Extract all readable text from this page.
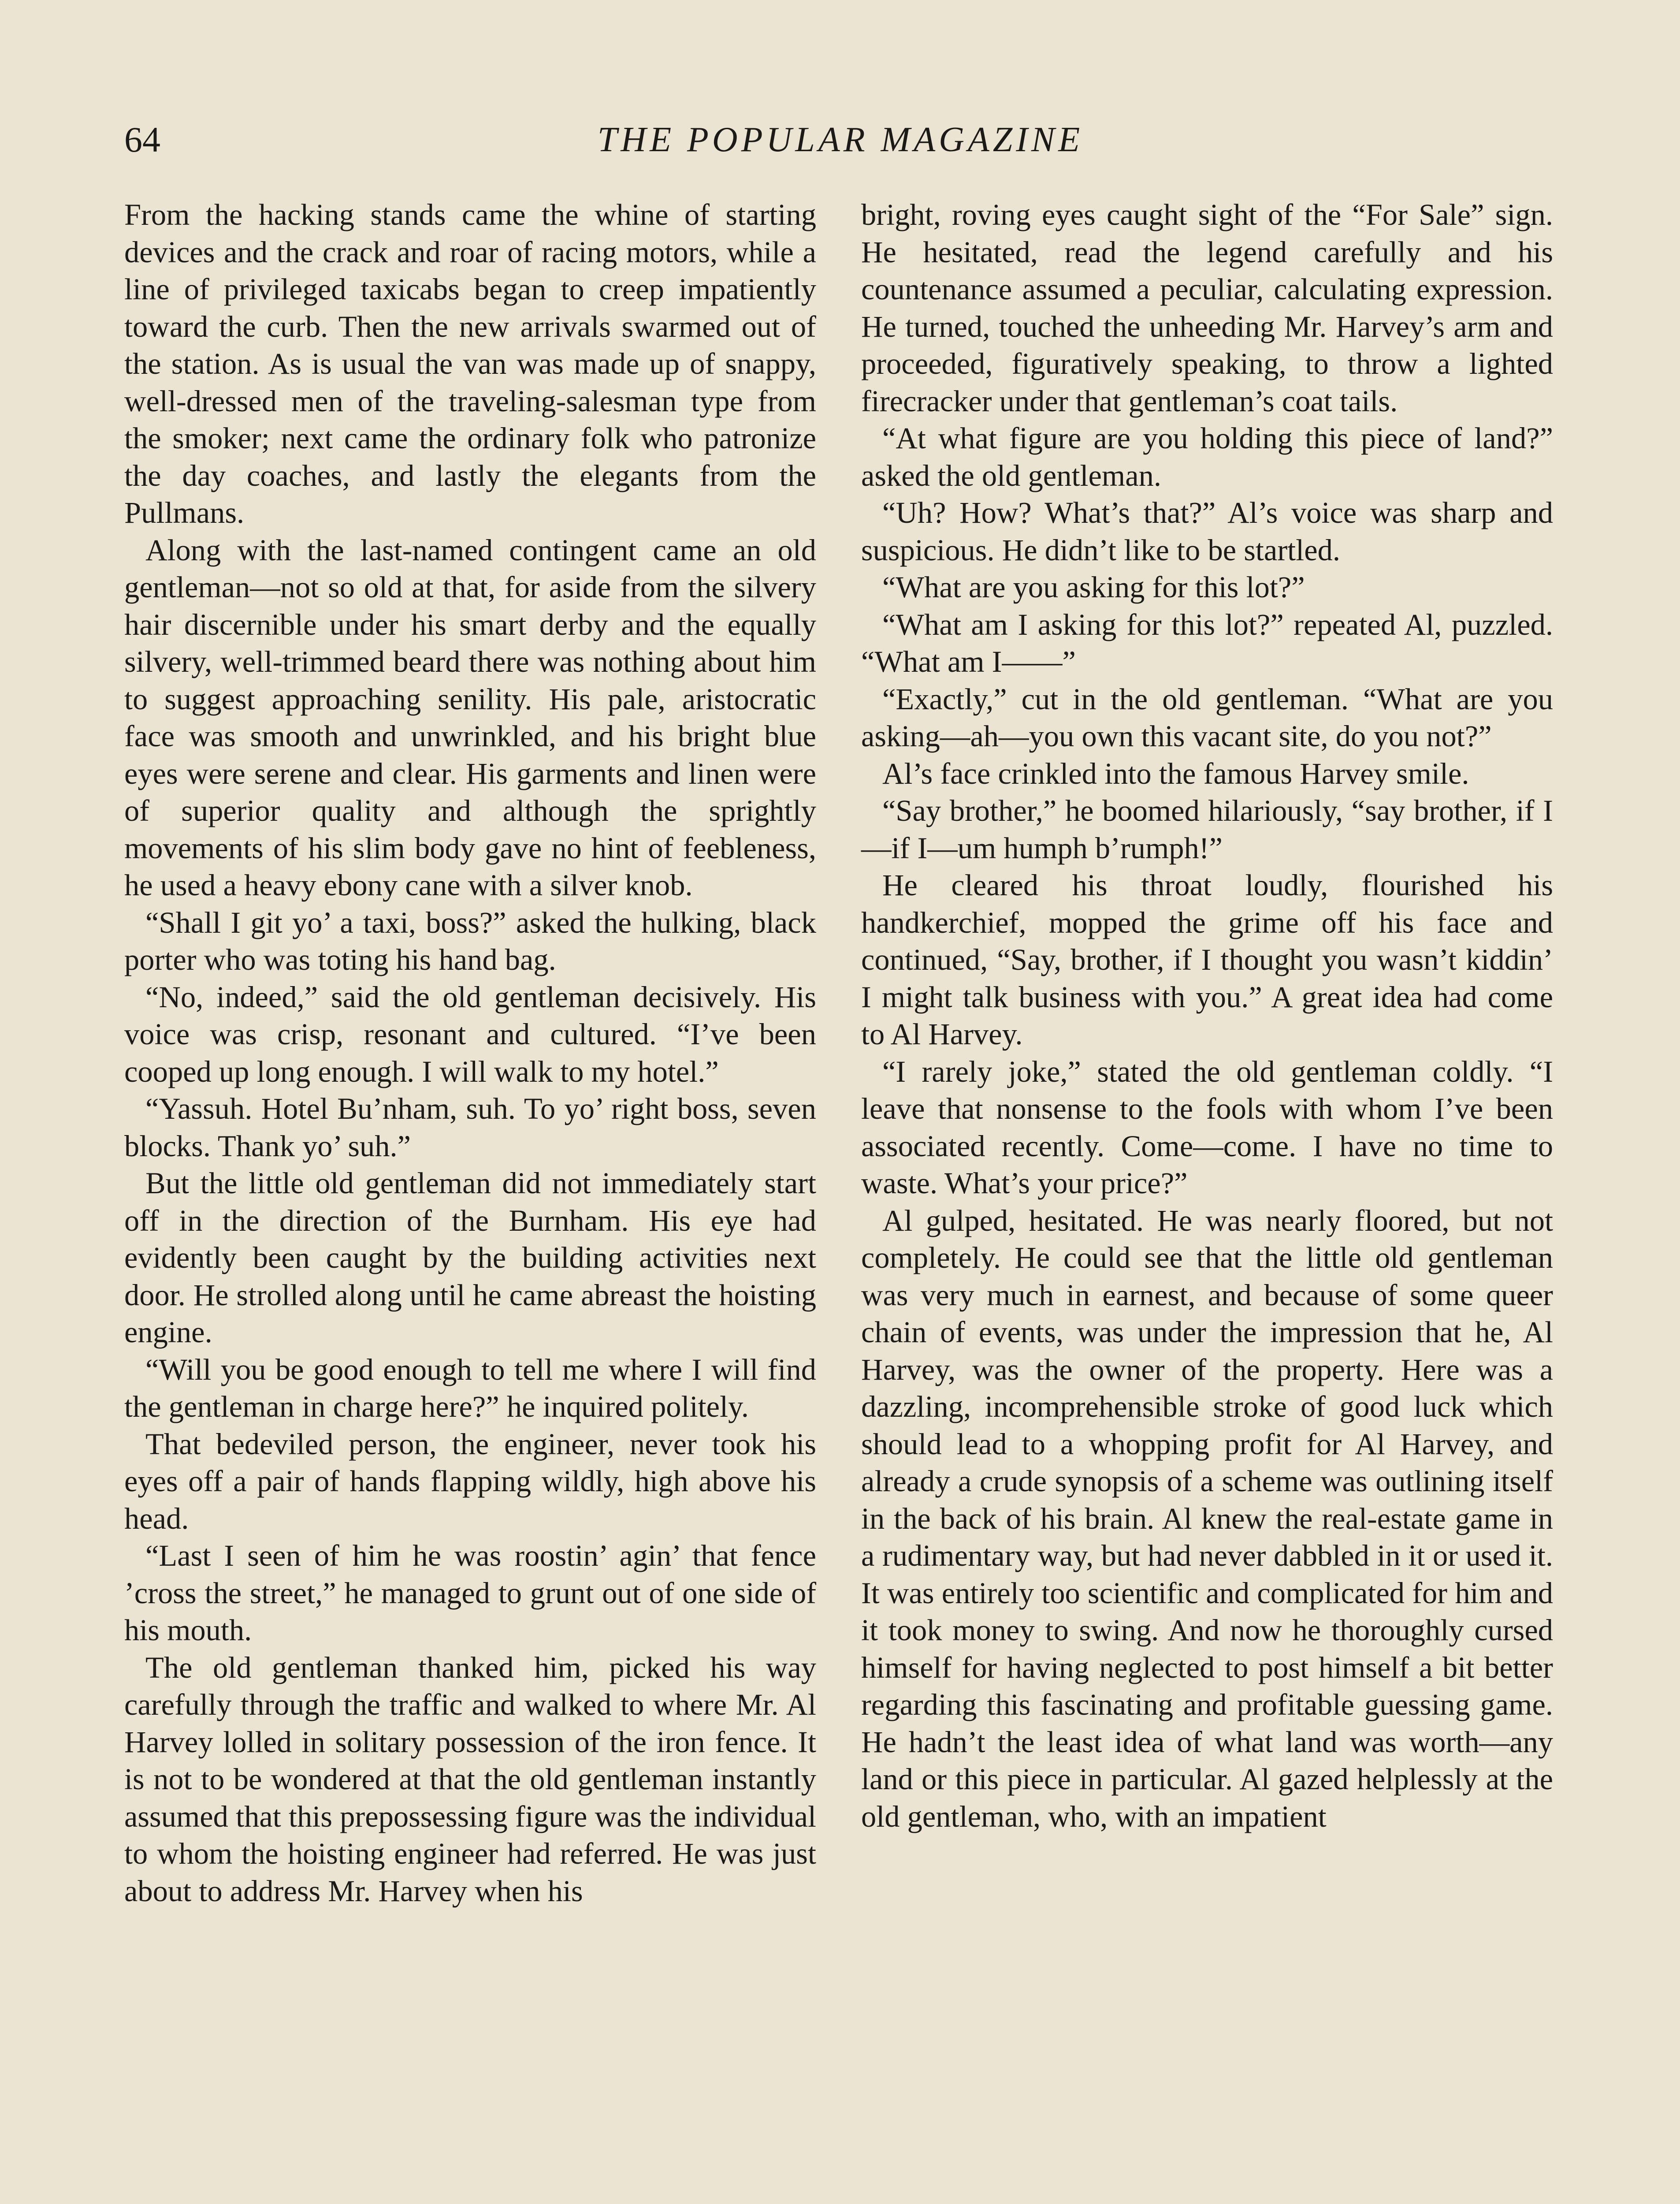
64	THE POPULAR MAGAZINE

From the hacking stands came the whine of starting devices and the crack and roar of racing motors, while a line of privileged taxicabs began to creep impatiently toward the curb. Then the new arrivals swarmed out of the station. As is usual the van was made up of snappy, well-dressed men of the traveling-salesman type from the smoker; next came the ordinary folk who patronize the day coaches, and lastly the elegants from the Pullmans.

Along with the last-named contingent came an old gentleman—not so old at that, for aside from the silvery hair discernible under his smart derby and the equally silvery, well-trimmed beard there was nothing about him to suggest approaching senility. His pale, aristocratic face was smooth and unwrinkled, and his bright blue eyes were serene and clear. His garments and linen were of superior quality and although the sprightly movements of his slim body gave no hint of feebleness, he used a heavy ebony cane with a silver knob.

“Shall I git yo’ a taxi, boss?” asked the hulking, black porter who was toting his hand bag.

“No, indeed,” said the old gentleman decisively. His voice was crisp, resonant and cultured. “I’ve been cooped up long enough. I will walk to my hotel.”

“Yassuh. Hotel Bu’nham, suh. To yo’ right boss, seven blocks. Thank yo’ suh.”

But the little old gentleman did not immediately start off in the direction of the Burnham. His eye had evidently been caught by the building activities next door. He strolled along until he came abreast the hoisting engine.

“Will you be good enough to tell me where I will find the gentleman in charge here?” he inquired politely.

That bedeviled person, the engineer, never took his eyes off a pair of hands flapping wildly, high above his head.

“Last I seen of him he was roostin’ agin’ that fence ’cross the street,” he managed to grunt out of one side of his mouth.

The old gentleman thanked him, picked his way carefully through the traffic and walked to where Mr. Al Harvey lolled in solitary possession of the iron fence. It is not to be wondered at that the old gentleman instantly assumed that this prepossessing figure was the individual to whom the hoisting engineer had referred. He was just about to address Mr. Harvey when his

bright, roving eyes caught sight of the “For Sale” sign. He hesitated, read the legend carefully and his countenance assumed a peculiar, calculating expression. He turned, touched the unheeding Mr. Harvey’s arm and proceeded, figuratively speaking, to throw a lighted firecracker under that gentleman’s coat tails.

“At what figure are you holding this piece of land?” asked the old gentleman.

“Uh? How? What’s that?” Al’s voice was sharp and suspicious. He didn’t like to be startled.

“What are you asking for this lot?”

“What am I asking for this lot?” repeated Al, puzzled. “What am I——”

“Exactly,” cut in the old gentleman. “What are you asking—ah—you own this vacant site, do you not?”

Al’s face crinkled into the famous Harvey smile.

“Say brother,” he boomed hilariously, “say brother, if I—if I—um humph b’rumph!”

He cleared his throat loudly, flourished his handkerchief, mopped the grime off his face and continued, “Say, brother, if I thought you wasn’t kiddin’ I might talk business with you.” A great idea had come to Al Harvey.

“I rarely joke,” stated the old gentleman coldly. “I leave that nonsense to the fools with whom I’ve been associated recently. Come—come. I have no time to waste. What’s your price?”

Al gulped, hesitated. He was nearly floored, but not completely. He could see that the little old gentleman was very much in earnest, and because of some queer chain of events, was under the impression that he, Al Harvey, was the owner of the property. Here was a dazzling, incomprehensible stroke of good luck which should lead to a whopping profit for Al Harvey, and already a crude synopsis of a scheme was outlining itself in the back of his brain. Al knew the real-estate game in a rudimentary way, but had never dabbled in it or used it. It was entirely too scientific and complicated for him and it took money to swing. And now he thoroughly cursed himself for having neglected to post himself a bit better regarding this fascinating and profitable guessing game. He hadn’t the least idea of what land was worth—any land or this piece in particular. Al gazed helplessly at the old gentleman, who, with an impatient
